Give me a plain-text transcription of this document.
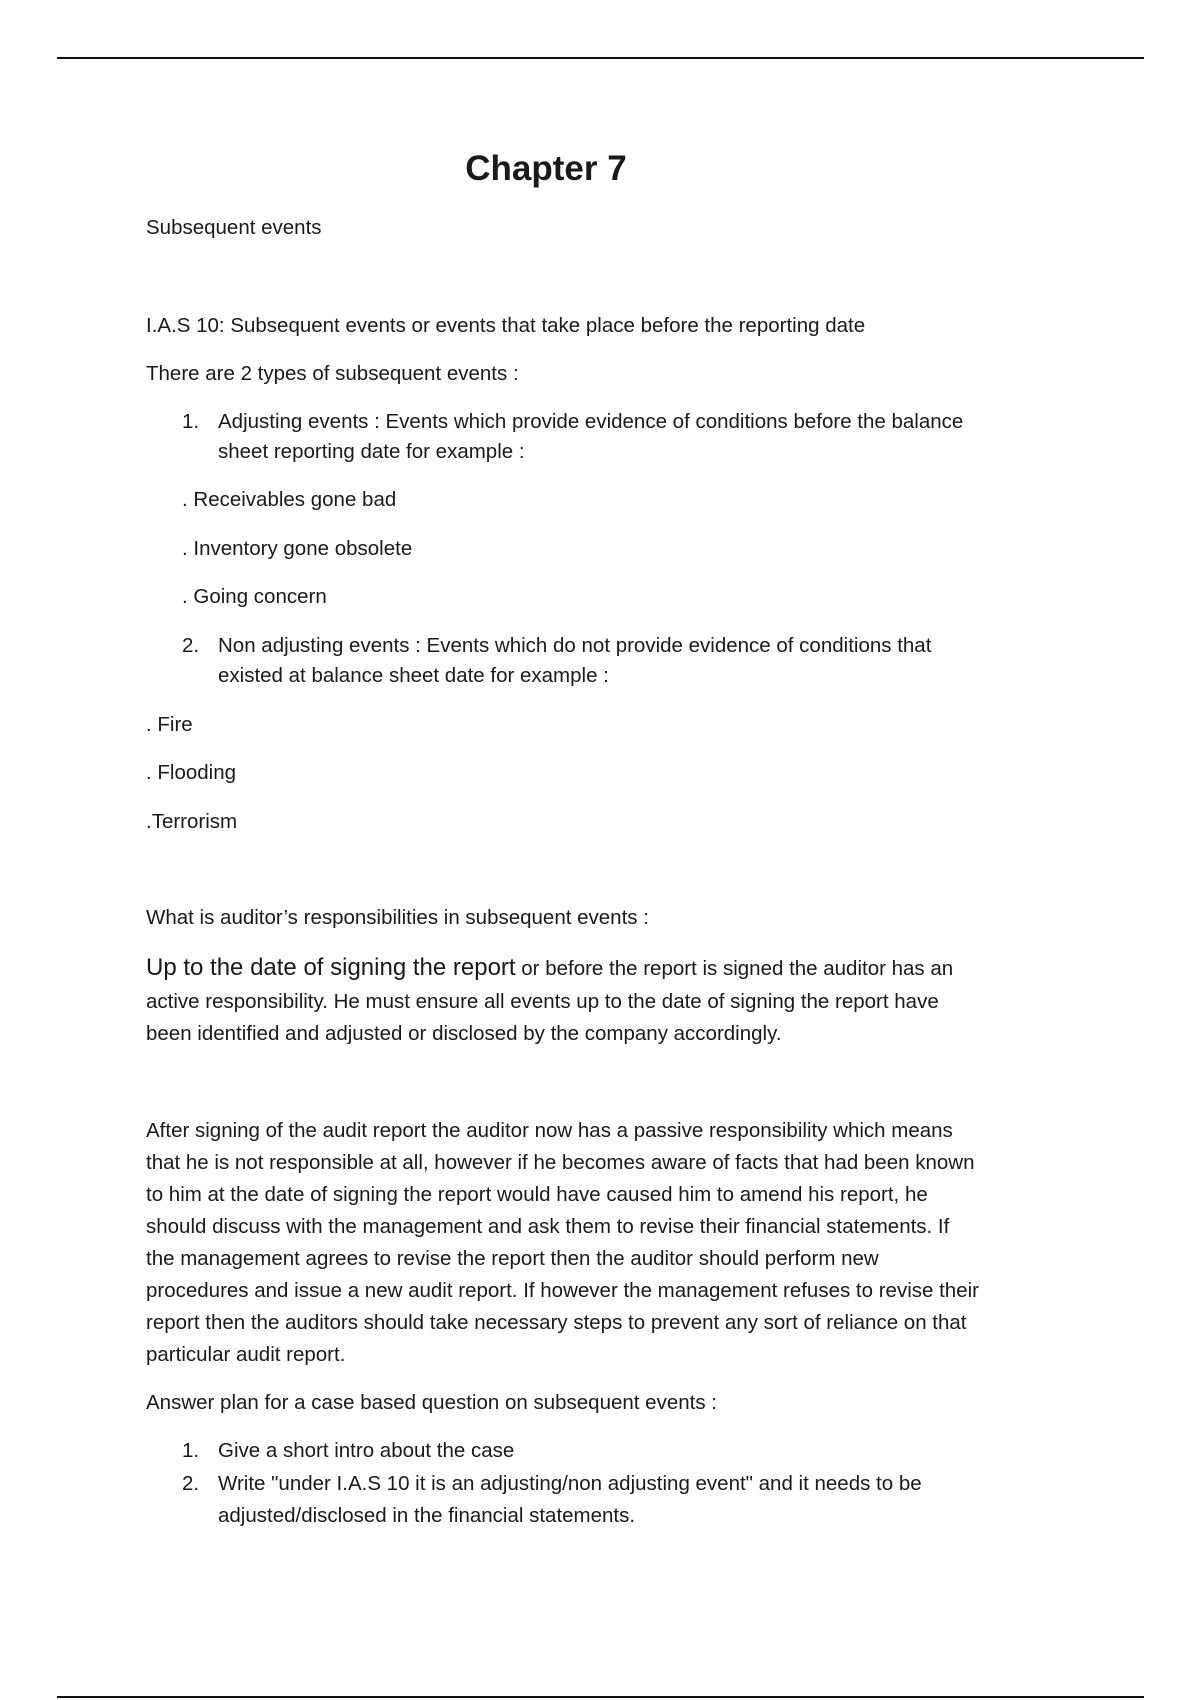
Chapter 7

Subsequent events

I.A.S 10: Subsequent events or events that take place before the reporting date

There are 2 types of subsequent events :

1. Adjusting events : Events which provide evidence of conditions before the balance
sheet reporting date for example :

. Receivables gone bad

. Inventory gone obsolete

. Going concern

2. Non adjusting events : Events which do not provide evidence of conditions that
existed at balance sheet date for example :

. Fire

. Flooding

.Terrorism

What is auditor’s responsibilities in subsequent events :

Up to the date of signing the report or before the report is signed the auditor has an

active responsibility. He must ensure all events up to the date of signing the report have

been identified and adjusted or disclosed by the company accordingly.

After signing of the audit report the auditor now has a passive responsibility which means

that he is not responsible at all, however if he becomes aware of facts that had been known

to him at the date of signing the report would have caused him to amend his report, he

should discuss with the management and ask them to revise their financial statements. If

the management agrees to revise the report then the auditor should perform new

procedures and issue a new audit report. If however the management refuses to revise their

report then the auditors should take necessary steps to prevent any sort of reliance on that

particular audit report.

Answer plan for a case based question on subsequent events :

1. Give a short intro about the case
2. Write "under I.A.S 10 it is an adjusting/non adjusting event" and it needs to be
adjusted/disclosed in the financial statements.
